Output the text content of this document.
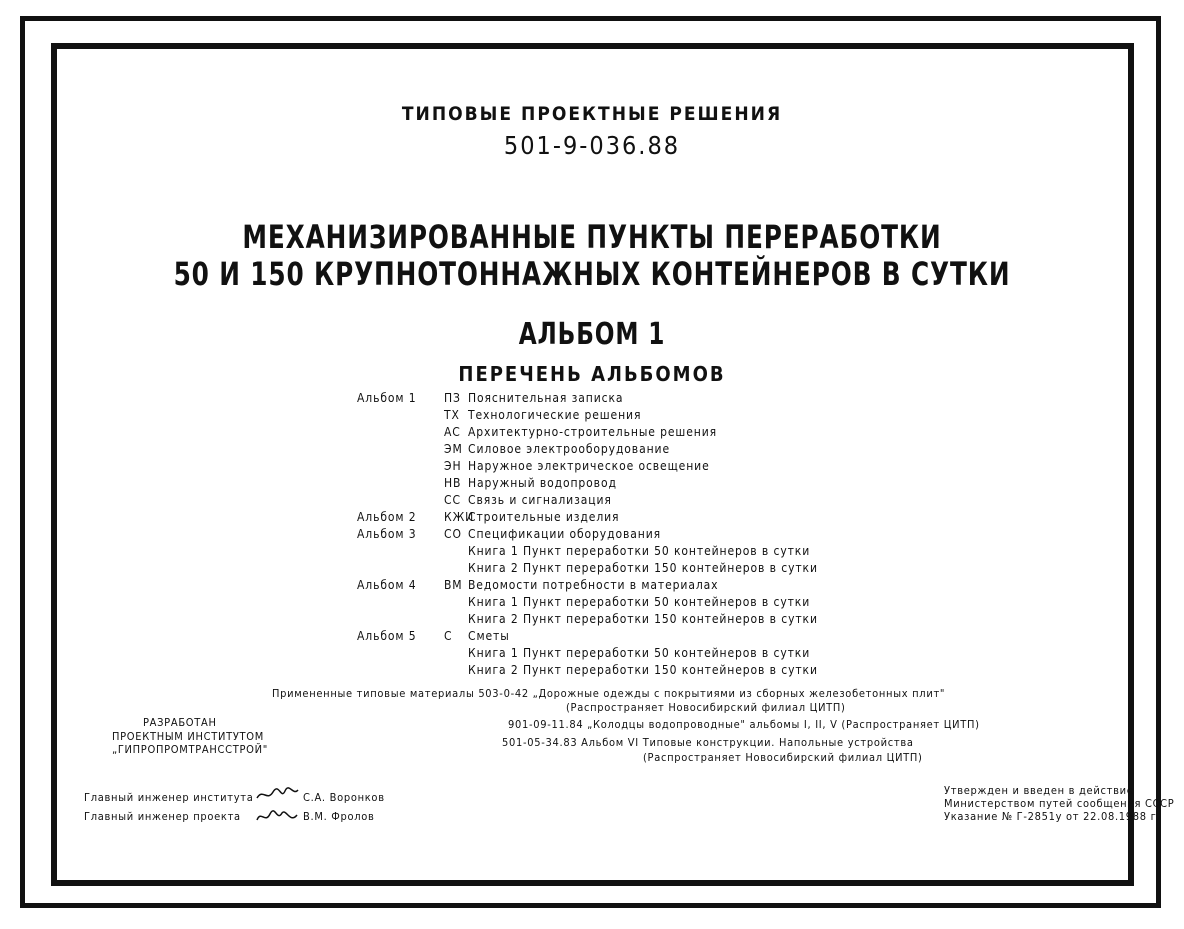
ТИПОВЫЕ ПРОЕКТНЫЕ РЕШЕНИЯ
501-9-036.88
МЕХАНИЗИРОВАННЫЕ ПУНКТЫ ПЕРЕРАБОТКИ
50 И 150 КРУПНОТОННАЖНЫХ КОНТЕЙНЕРОВ В СУТКИ
АЛЬБОМ 1
ПЕРЕЧЕНЬ АЛЬБОМОВ
Альбом 1 ПЗ Пояснительная записка
ТХ Технологические решения
АС Архитектурно-строительные решения
ЭМ Силовое электрооборудование
ЭН Наружное электрическое освещение
НВ Наружный водопровод
СС Связь и сигнализация
Альбом 2 КЖИ
Строительные изделия
Альбом 3 СО Спецификации оборудования
Книга 1 Пункт переработки 50 контейнеров в сутки
Книга 2 Пункт переработки 150 контейнеров в сутки
Альбом 4 ВМ Ведомости потребности в материалах
Книга 1 Пункт переработки 50 контейнеров в сутки
Книга 2 Пункт переработки 150 контейнеров в сутки
Альбом 5 С Сметы
Книга 1 Пункт переработки 50 контейнеров в сутки
Книга 2 Пункт переработки 150 контейнеров в сутки
Примененные типовые материалы 503-0-42 „Дорожные одежды с покрытиями из сборных железобетонных плит"
(Распространяет Новосибирский филиал ЦИТП)
901-09-11.84 „Колодцы водопроводные" альбомы I, II, V (Распространяет ЦИТП)
501-05-34.83 Альбом VI Типовые конструкции. Напольные устройства
(Распространяет Новосибирский филиал ЦИТП)
РАЗРАБОТАН
ПРОЕКТНЫМ ИНСТИТУТОМ
„ГИПРОПРОМТРАНССТРОЙ"
Главный инженер института	С.А. Воронков
Главный инженер проекта	В.М. Фролов
Утвержден и введен в действие
Министерством путей сообщения СССР
Указание № Г-2851у от 22.08.1988 г.
